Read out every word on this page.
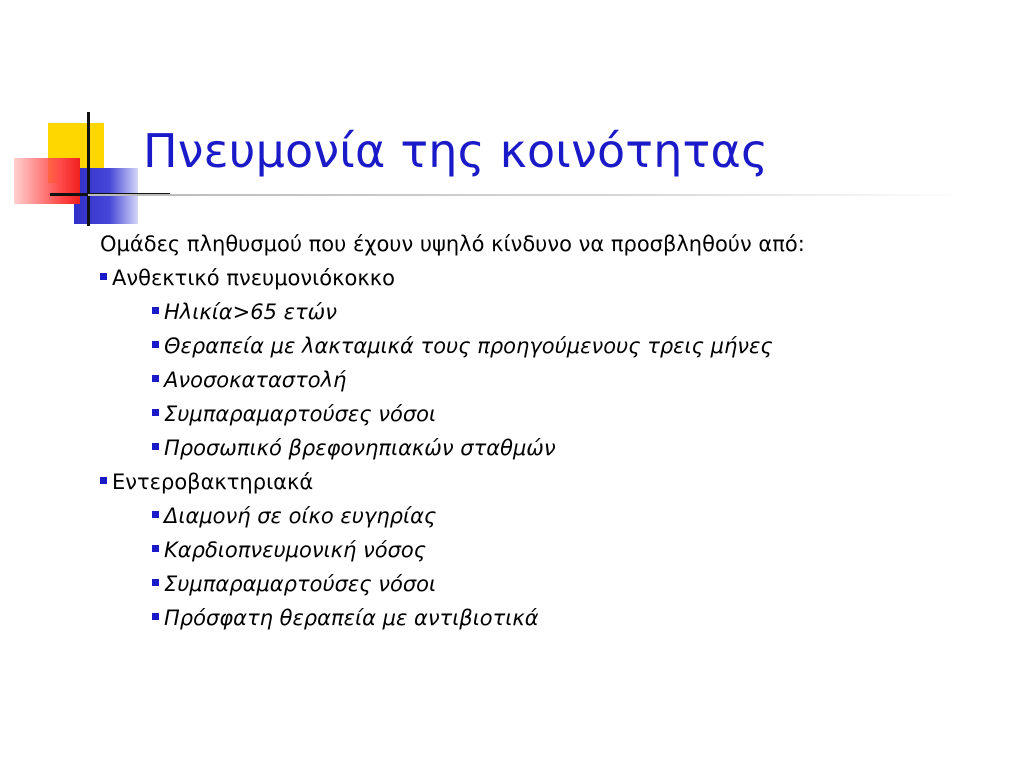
Πνευμονία της κοινότητας
Ομάδες πληθυσμού που έχουν υψηλό κίνδυνο να προσβληθούν από:
Ανθεκτικό πνευμονιόκοκκο
Ηλικία>65 ετών
Θεραπεία με λακταμικά τους προηγούμενους τρεις μήνες
Ανοσοκαταστολή
Συμπαραμαρτούσες νόσοι
Προσωπικό βρεφονηπιακών σταθμών
Εντεροβακτηριακά
Διαμονή σε οίκο ευγηρίας
Καρδιοπνευμονική νόσος
Συμπαραμαρτούσες νόσοι
Πρόσφατη θεραπεία με αντιβιοτικά
